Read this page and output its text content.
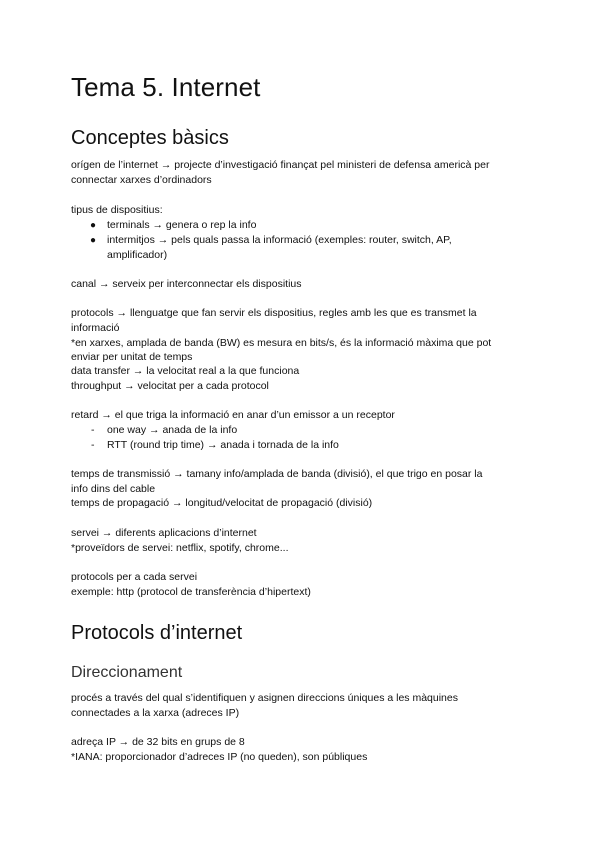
Tema 5. Internet
Conceptes bàsics
orígen de l’internet → projecte d’investigació finançat pel ministeri de defensa americà per
connectar xarxes d’ordinadors
tipus de dispositius:
● terminals → genera o rep la info
● intermitjos → pels quals passa la informació (exemples: router, switch, AP,
amplificador)
canal → serveix per interconnectar els dispositius
protocols → llenguatge que fan servir els dispositius, regles amb les que es transmet la
informació
*en xarxes, amplada de banda (BW) es mesura en bits/s, és la informació màxima que pot
enviar per unitat de temps
data transfer → la velocitat real a la que funciona
throughput → velocitat per a cada protocol
retard → el que triga la informació en anar d’un emissor a un receptor
- one way → anada de la info
- RTT (round trip time) → anada i tornada de la info
temps de transmissió → tamany info/amplada de banda (divisió), el que trigo en posar la
info dins del cable
temps de propagació → longitud/velocitat de propagació (divisió)
servei → diferents aplicacions d’internet
*proveïdors de servei: netflix, spotify, chrome...
protocols per a cada servei
exemple: http (protocol de transferència d’hipertext)
Protocols d’internet
Direccionament
procés a través del qual s’identifiquen y asignen direccions úniques a les màquines
connectades a la xarxa (adreces IP)
adreça IP → de 32 bits en grups de 8
*IANA: proporcionador d’adreces IP (no queden), son públiques
